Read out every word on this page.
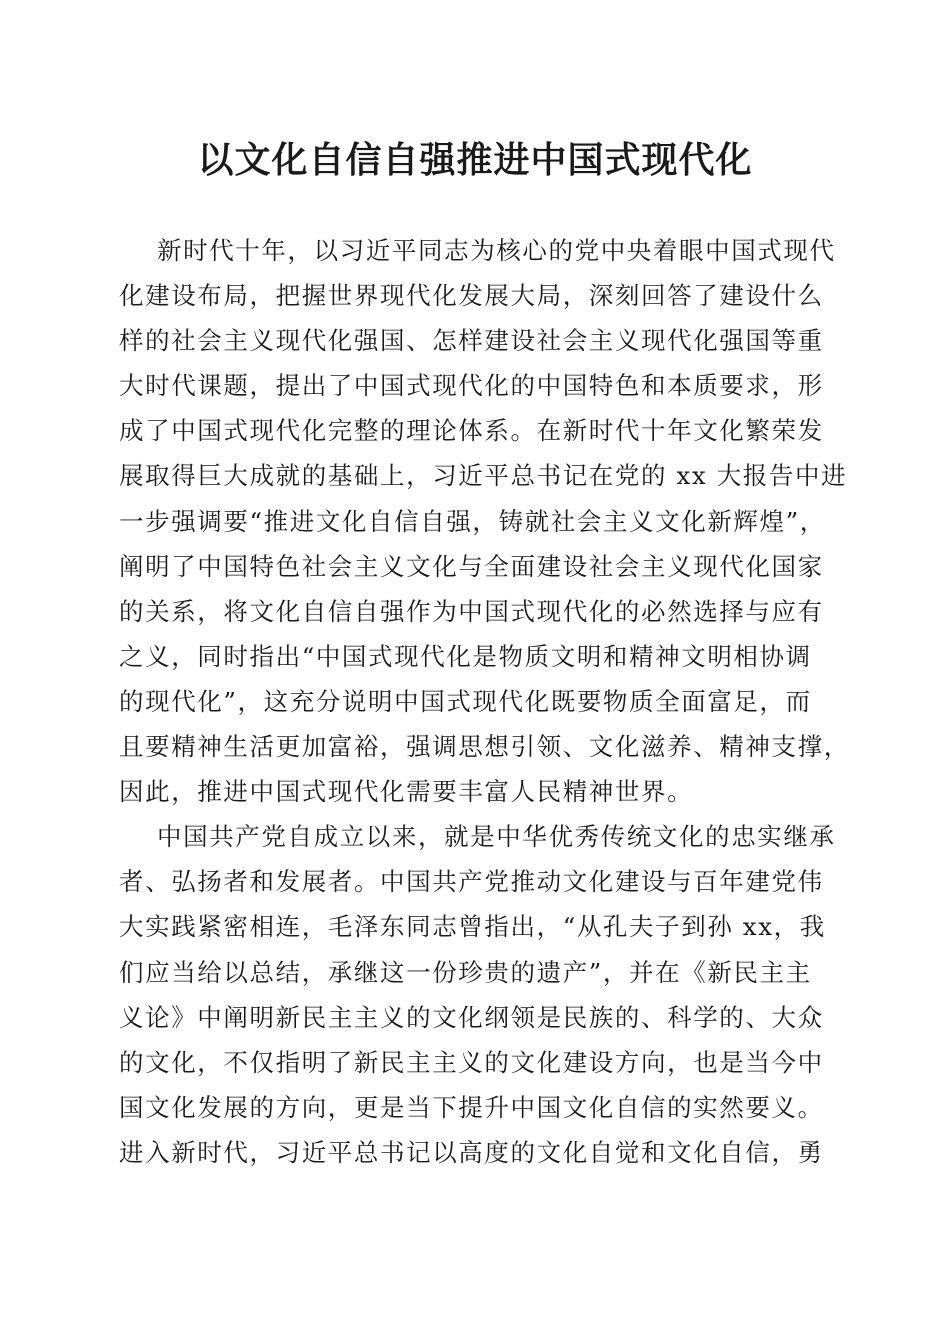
以文化自信自强推进中国式现代化
新时代十年，以习近平同志为核心的党中央着眼中国式现代
化建设布局，把握世界现代化发展大局，深刻回答了建设什么
样的社会主义现代化强国、怎样建设社会主义现代化强国等重
大时代课题，提出了中国式现代化的中国特色和本质要求，形
成了中国式现代化完整的理论体系。在新时代十年文化繁荣发
展取得巨大成就的基础上，习近平总书记在党的 xx 大报告中进
一步强调要“推进文化自信自强，铸就社会主义文化新辉煌”，
阐明了中国特色社会主义文化与全面建设社会主义现代化国家
的关系，将文化自信自强作为中国式现代化的必然选择与应有
之义，同时指出“中国式现代化是物质文明和精神文明相协调
的现代化”，这充分说明中国式现代化既要物质全面富足，而
且要精神生活更加富裕，强调思想引领、文化滋养、精神支撑，
因此，推进中国式现代化需要丰富人民精神世界。
中国共产党自成立以来，就是中华优秀传统文化的忠实继承
者、弘扬者和发展者。中国共产党推动文化建设与百年建党伟
大实践紧密相连，毛泽东同志曾指出，“从孔夫子到孙 xx，我
们应当给以总结，承继这一份珍贵的遗产”，并在《新民主主
义论》中阐明新民主主义的文化纲领是民族的、科学的、大众
的文化，不仅指明了新民主主义的文化建设方向，也是当今中
国文化发展的方向，更是当下提升中国文化自信的实然要义。
进入新时代，习近平总书记以高度的文化自觉和文化自信，勇
